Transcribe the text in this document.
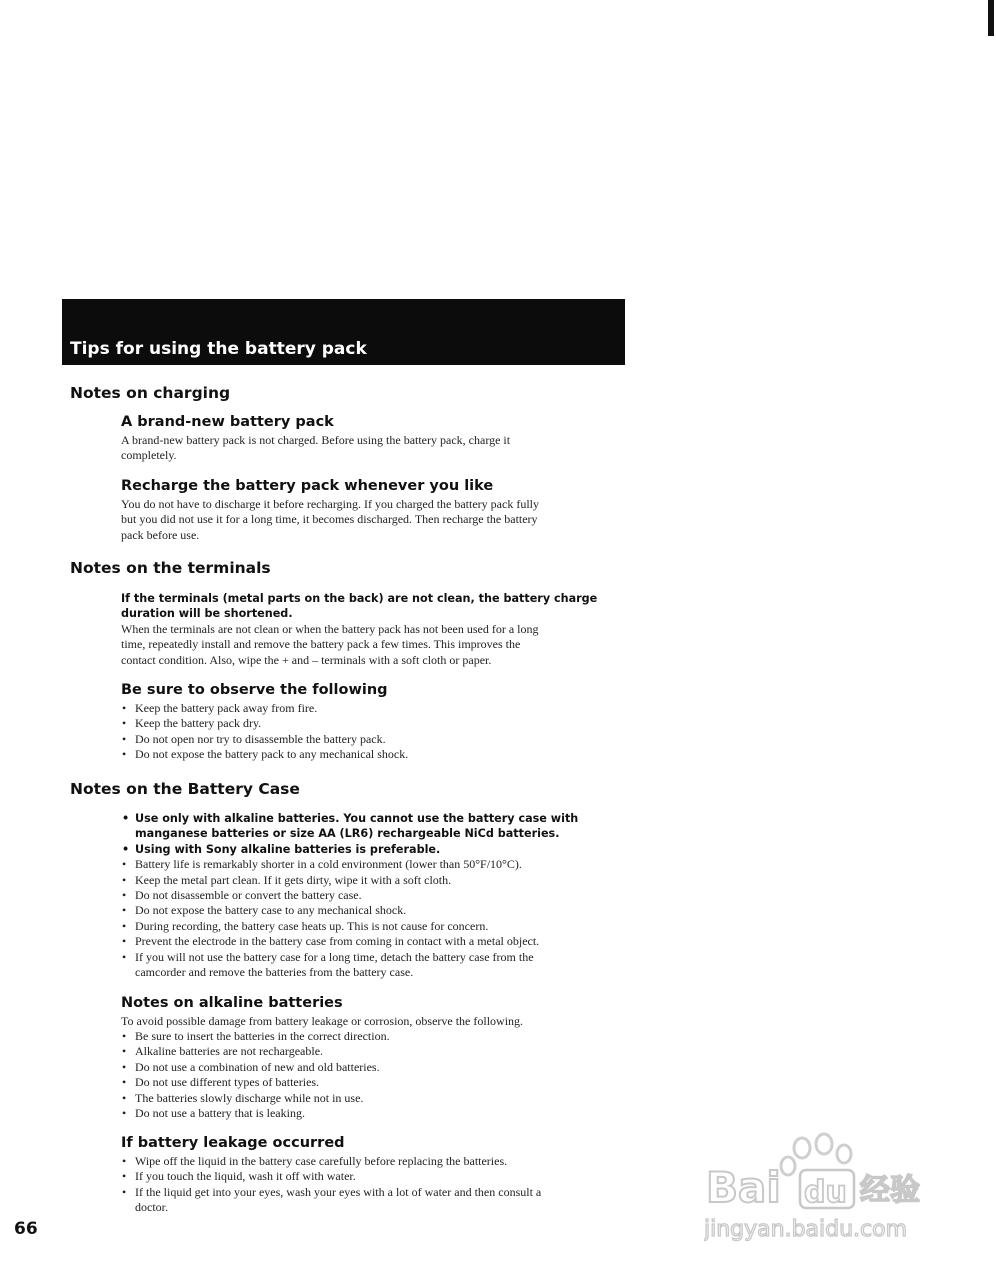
Tips for using the battery pack
Notes on charging
A brand-new battery pack
A brand-new battery pack is not charged. Before using the battery pack, charge it
completely.
Recharge the battery pack whenever you like
You do not have to discharge it before recharging. If you charged the battery pack fully
but you did not use it for a long time, it becomes discharged. Then recharge the battery
pack before use.
Notes on the terminals
If the terminals (metal parts on the back) are not clean, the battery charge
duration will be shortened.
When the terminals are not clean or when the battery pack has not been used for a long
time, repeatedly install and remove the battery pack a few times. This improves the
contact condition. Also, wipe the + and – terminals with a soft cloth or paper.
Be sure to observe the following
• Keep the battery pack away from fire.
• Keep the battery pack dry.
• Do not open nor try to disassemble the battery pack.
• Do not expose the battery pack to any mechanical shock.
Notes on the Battery Case
• Use only with alkaline batteries. You cannot use the battery case with
manganese batteries or size AA (LR6) rechargeable NiCd batteries.
• Using with Sony alkaline batteries is preferable.
• Battery life is remarkably shorter in a cold environment (lower than 50°F/10°C).
• Keep the metal part clean. If it gets dirty, wipe it with a soft cloth.
• Do not disassemble or convert the battery case.
• Do not expose the battery case to any mechanical shock.
• During recording, the battery case heats up. This is not cause for concern.
• Prevent the electrode in the battery case from coming in contact with a metal object.
• If you will not use the battery case for a long time, detach the battery case from the
camcorder and remove the batteries from the battery case.
Notes on alkaline batteries
To avoid possible damage from battery leakage or corrosion, observe the following.
• Be sure to insert the batteries in the correct direction.
• Alkaline batteries are not rechargeable.
• Do not use a combination of new and old batteries.
• Do not use different types of batteries.
• The batteries slowly discharge while not in use.
• Do not use a battery that is leaking.
If battery leakage occurred
• Wipe off the liquid in the battery case carefully before replacing the batteries.
• If you touch the liquid, wash it off with water.
• If the liquid get into your eyes, wash your eyes with a lot of water and then consult a
doctor.
66
Bai du 经验
jingyan.baidu.com
